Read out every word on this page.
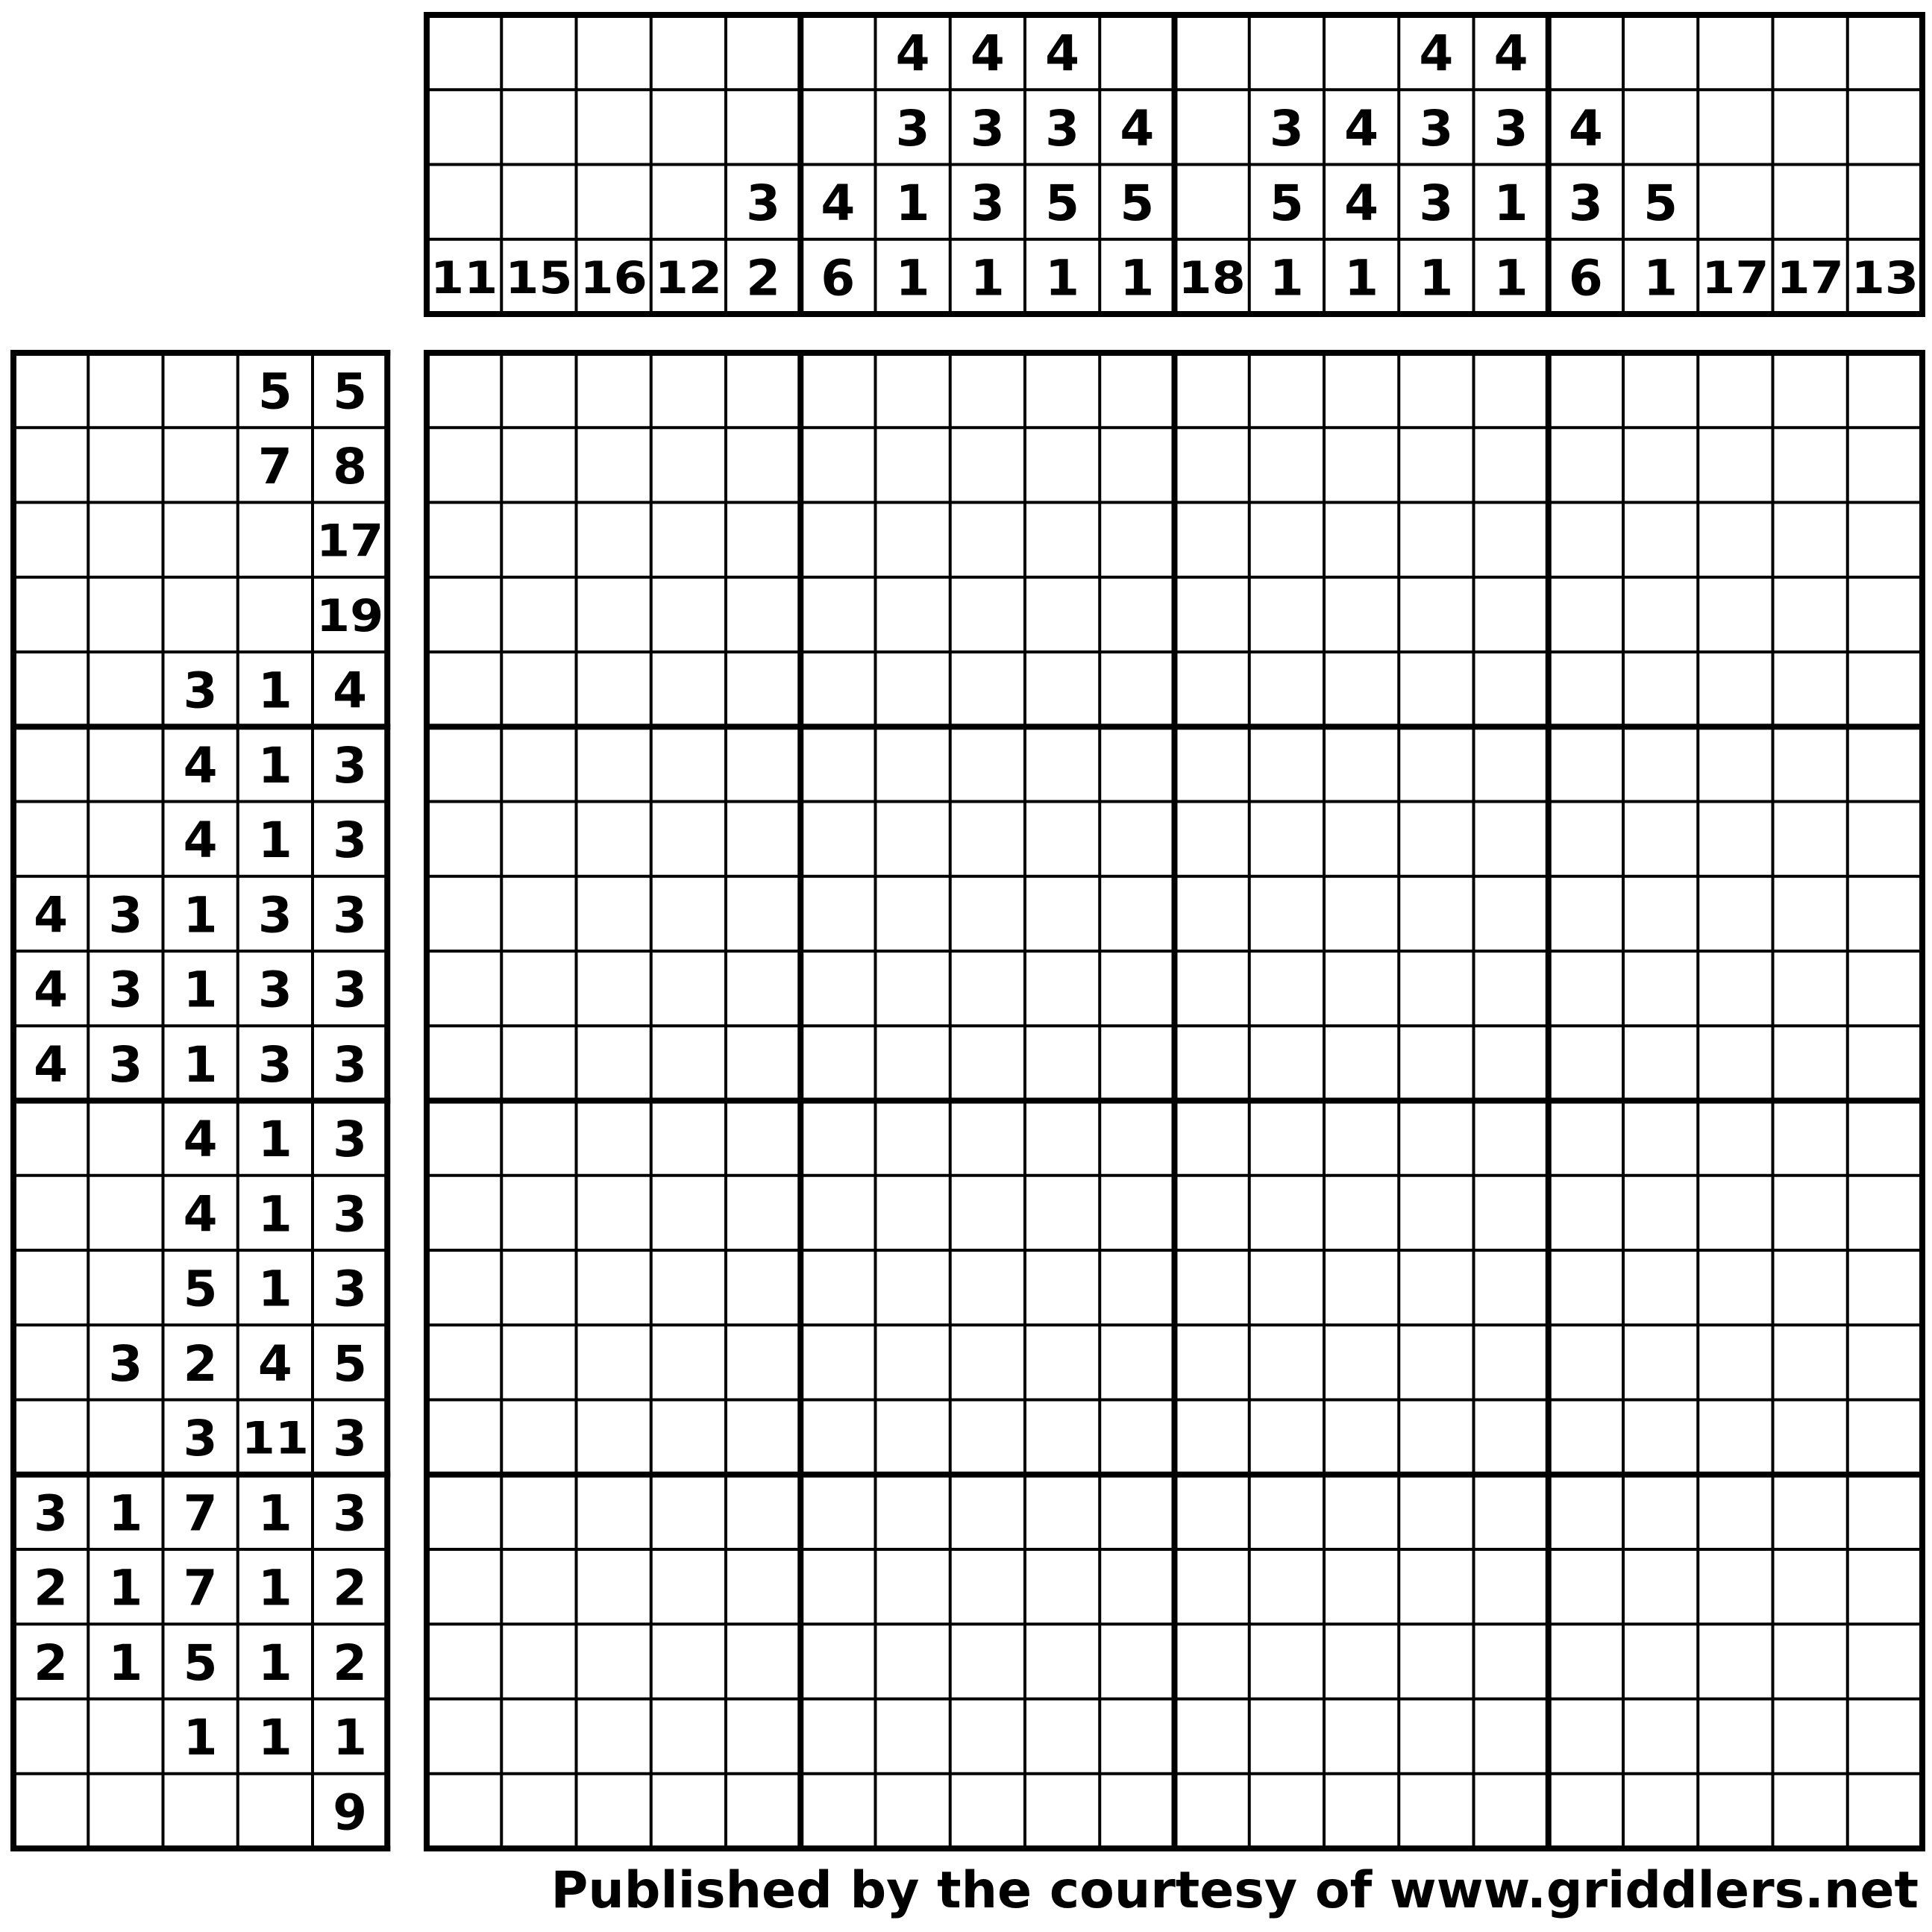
11 15 16 12
3
2
4
6
4
3
1
1
4
3
3
1
4
3
5
1
4
5
1 18
3
5
1
4
4
1
4
3
3
1
4
3
1
1
4
3
6
5
1 17 17 13
5 5
7 8
17
19
3 1 4
4 1 3
4 1 3
4 3 1 3 3
4 3 1 3 3
4 3 1 3 3
4 1 3
4 1 3
5 1 3
3 2 4 5
3 11 3
3 1 7 1 3
2 1 7 1 2
2 1 5 1 2
1 1 1
9
Published by the courtesy of www.griddlers.net
